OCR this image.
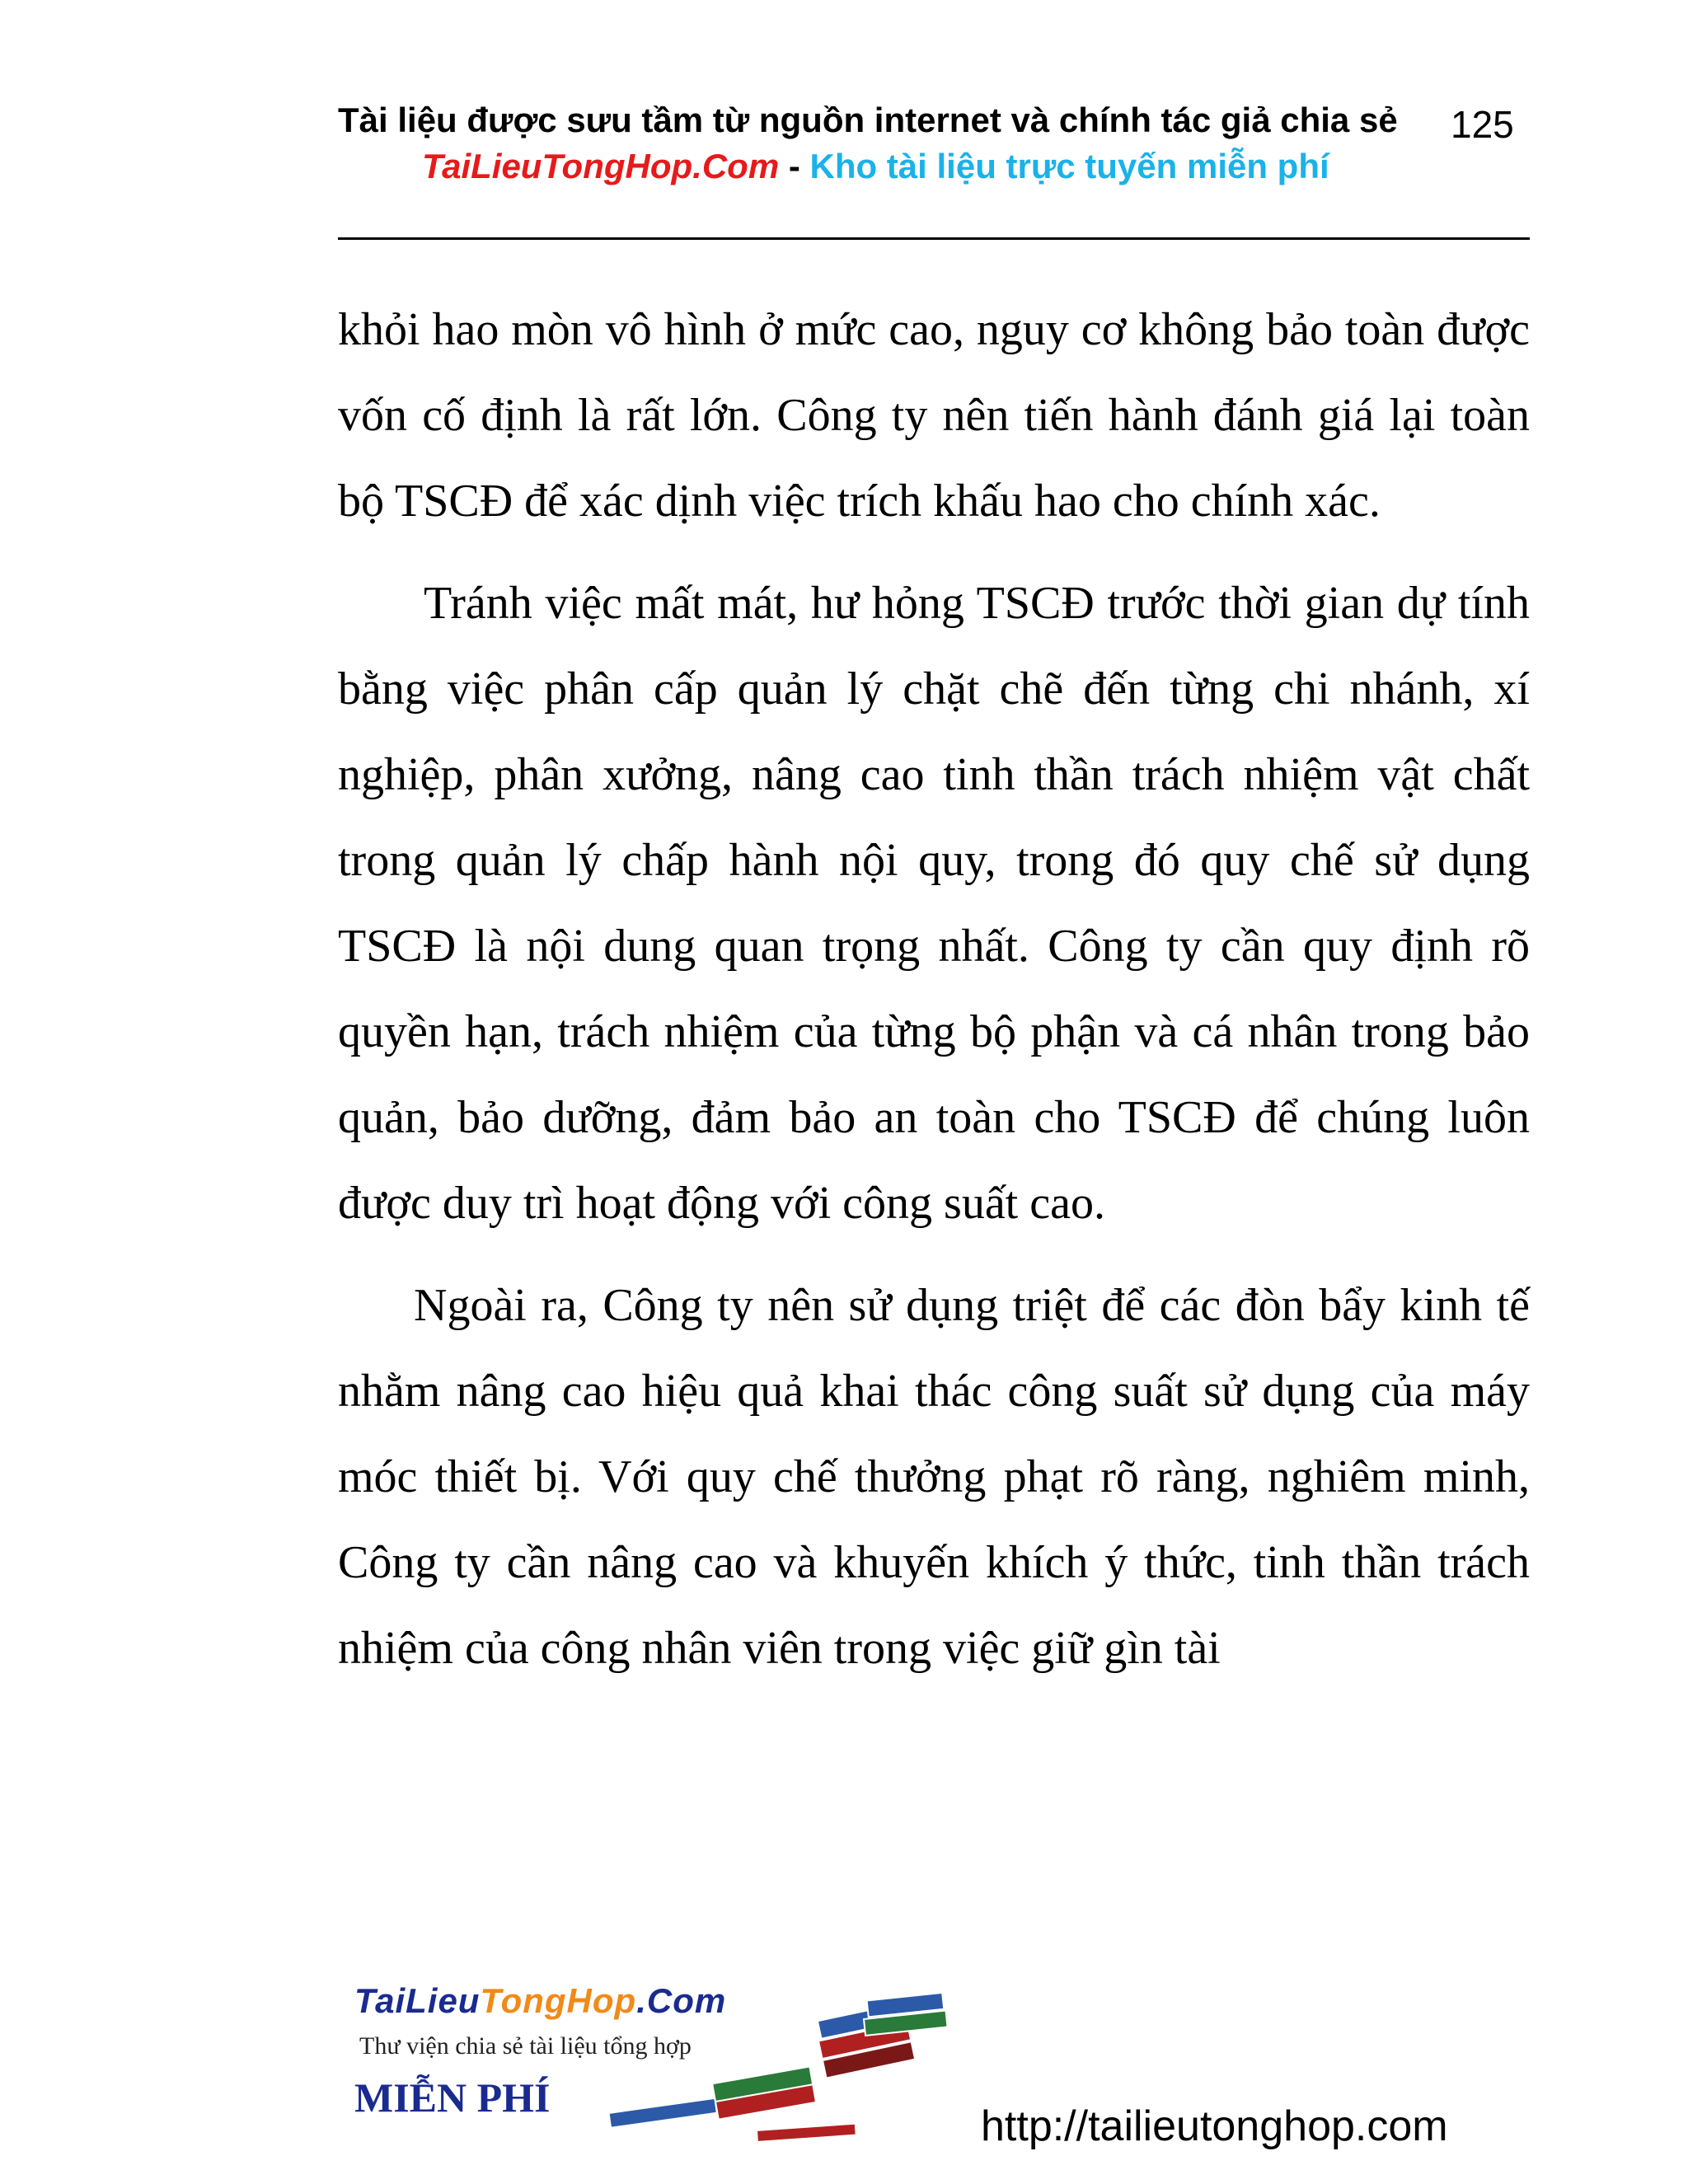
Tài liệu được sưu tầm từ nguồn internet và chính tác giả chia sẻ 125
TaiLieuTongHop.Com - Kho tài liệu trực tuyến miễn phí

khỏi hao mòn vô hình ở mức cao, nguy cơ không bảo toàn được vốn cố định là rất lớn. Công ty nên tiến hành đánh giá lại toàn bộ TSCĐ để xác dịnh việc trích khấu hao cho chính xác.

Tránh việc mất mát, hư hỏng TSCĐ trước thời gian dự tính bằng việc phân cấp quản lý chặt chẽ đến từng chi nhánh, xí nghiệp, phân xưởng, nâng cao tinh thần trách nhiệm vật chất trong quản lý chấp hành nội quy, trong đó quy chế sử dụng TSCĐ là nội dung quan trọng nhất. Công ty cần quy định rõ quyền hạn, trách nhiệm của từng bộ phận và cá nhân trong bảo quản, bảo dưỡng, đảm bảo an toàn cho TSCĐ để chúng luôn được duy trì hoạt động với công suất cao.

Ngoài ra, Công ty nên sử dụng triệt để các đòn bẩy kinh tế nhằm nâng cao hiệu quả khai thác công suất sử dụng của máy móc thiết bị. Với quy chế thưởng phạt rõ ràng, nghiêm minh, Công ty cần nâng cao và khuyến khích ý thức, tinh thần trách nhiệm của công nhân viên trong việc giữ gìn tài

TaiLieuTongHop.Com
Thư viện chia sẻ tài liệu tổng hợp
MIỄN PHÍ
http://tailieutonghop.com
